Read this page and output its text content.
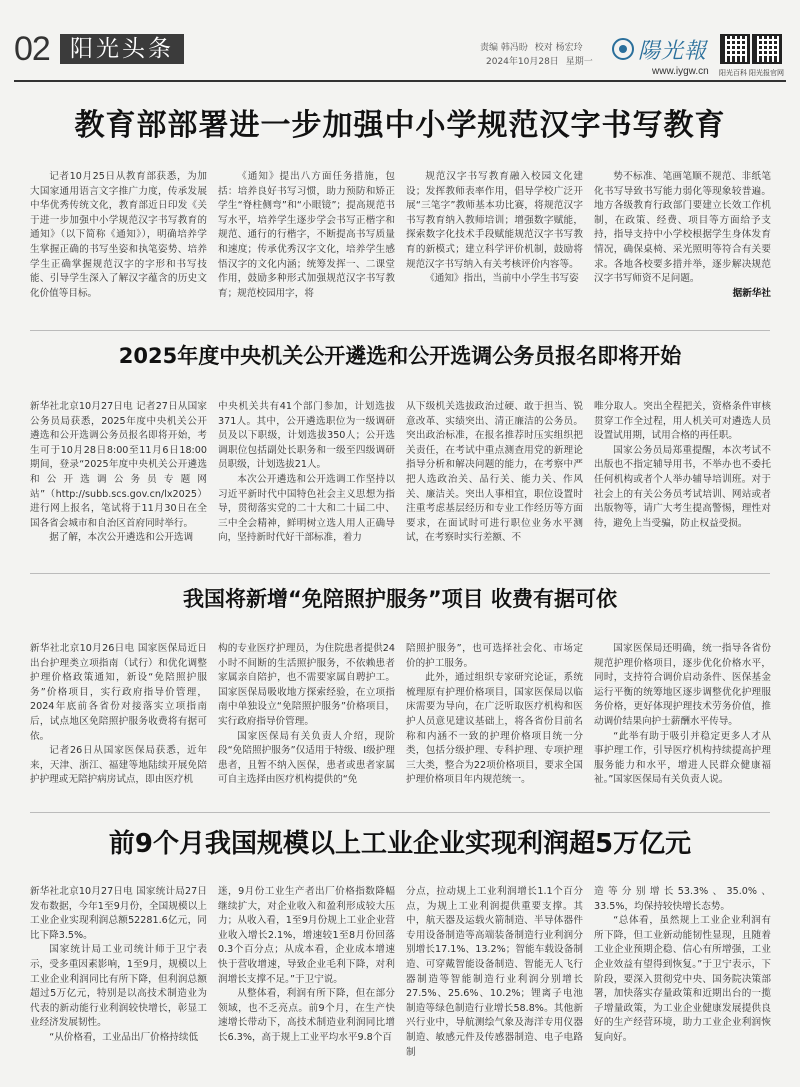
02 阳光头条	责编 韩冯盼 校对 杨宏玲
2024年10月28日 星期一 陽光報
www.iygw.cn 阳光百科 阳光报官网
教育部部署进一步加强中小学规范汉字书写教育

记者10月25日从教育部获悉，为加大国家通用语言文字推广力度，传承发展中华优秀传统文化，教育部近日印发《关于进一步加强中小学规范汉字书写教育的通知》（以下简称《通知》），明确培养学生掌握正确的书写坐姿和执笔姿势、培养学生正确掌握规范汉字的字形和书写技能、引导学生深入了解汉字蕴含的历史文化价值等目标。

《通知》提出八方面任务措施，包括：培养良好书写习惯，助力预防和矫正学生“脊柱侧弯”和“小眼镜”；提高规范书写水平，培养学生逐步学会书写正楷字和规范、通行的行楷字，不断提高书写质量和速度；传承优秀汉字文化，培养学生感悟汉字的文化内涵；统筹发挥一、二课堂作用，鼓励多种形式加强规范汉字书写教育；规范校园用字，将

规范汉字书写教育融入校园文化建设；发挥教师表率作用，倡导学校广泛开展“三笔字”教师基本功比赛，将规范汉字书写教育纳入教师培训；增强数字赋能，探索数字化技术手段赋能规范汉字书写教育的新模式；建立科学评价机制，鼓励将规范汉字书写纳入有关考核评价内容等。

《通知》指出，当前中小学生书写姿

势不标准、笔画笔顺不规范、非纸笔化书写导致书写能力弱化等现象较普遍。地方各级教育行政部门要建立长效工作机制，在政策、经费、项目等方面给予支持，指导支持中小学校根据学生身体发育情况，确保桌椅、采光照明等符合有关要求。各地各校要多措并举，逐步解决规范汉字书写师资不足问题。

据新华社
2025年度中央机关公开遴选和公开选调公务员报名即将开始

新华社北京10月27日电 记者27日从国家公务员局获悉，2025年度中央机关公开遴选和公开选调公务员报名即将开始，考生可于10月28日8:00至11月6日18:00期间，登录“2025年度中央机关公开遴选和公开选调公务员专题网站”（http://subb.scs.gov.cn/lx2025）进行网上报名，笔试将于11月30日在全国各省会城市和自治区首府同时举行。

据了解，本次公开遴选和公开选调

中央机关共有41个部门参加，计划选拔371人。其中，公开遴选职位为一级调研员及以下职级，计划选拔350人；公开选调职位包括副处长职务和一级至四级调研员职级，计划选拔21人。

本次公开遴选和公开选调工作坚持以习近平新时代中国特色社会主义思想为指导，贯彻落实党的二十大和二十届二中、三中全会精神，鲜明树立选人用人正确导向，坚持新时代好干部标准，着力

从下级机关选拔政治过硬、敢于担当、锐意改革、实绩突出、清正廉洁的公务员。突出政治标准，在报名推荐时压实组织把关责任，在考试中重点测查用党的新理论指导分析和解决问题的能力，在考察中严把人选政治关、品行关、能力关、作风关、廉洁关。突出人事相宜，职位设置时注重考虑基层经历和专业工作经历等方面要求，在面试时可进行职位业务水平测试，在考察时实行差额、不

唯分取人。突出全程把关，资格条件审核贯穿工作全过程，用人机关可对遴选人员设置试用期，试用合格的再任职。

国家公务员局郑重提醒，本次考试不出版也不指定辅导用书，不举办也不委托任何机构或者个人举办辅导培训班。对于社会上的有关公务员考试培训、网站或者出版物等，请广大考生提高警惕，理性对待，避免上当受骗，防止权益受损。

我国将新增“免陪照护服务”项目 收费有据可依

新华社北京10月26日电 国家医保局近日出台护理类立项指南（试行）和优化调整护理价格政策通知，新设“免陪照护服务”价格项目，实行政府指导价管理，2024年底前各省份对接落实立项指南后，试点地区免陪照护服务收费将有据可依。

记者26日从国家医保局获悉，近年来，天津、浙江、福建等地陆续开展免陪护护理或无陪护病房试点，即由医疗机

构的专业医疗护理员，为住院患者提供24小时不间断的生活照护服务，不依赖患者家属亲自陪护，也不需要家属自聘护工。国家医保局吸收地方探索经验，在立项指南中单独设立“免陪照护服务”价格项目，实行政府指导价管理。

国家医保局有关负责人介绍，现阶段“免陪照护服务”仅适用于特级、Ⅰ级护理患者，且暂不纳入医保，患者或患者家属可自主选择由医疗机构提供的“免

陪照护服务”，也可选择社会化、市场定价的护工服务。

此外，通过组织专家研究论证，系统梳理原有护理价格项目，国家医保局以临床需要为导向，在广泛听取医疗机构和医护人员意见建议基础上，将各省份目前名称和内涵不一致的护理价格项目统一分类，包括分级护理、专科护理、专项护理三大类，整合为22项价格项目，要求全国护理价格项目年内规范统一。

国家医保局还明确，统一指导各省份规范护理价格项目，逐步优化价格水平，同时，支持符合调价启动条件、医保基金运行平衡的统筹地区逐步调整优化护理服务价格，更好体现护理技术劳务价值，推动调价结果向护士薪酬水平传导。

“此举有助于吸引并稳定更多人才从事护理工作，引导医疗机构持续提高护理服务能力和水平，增进人民群众健康福祉。”国家医保局有关负责人说。

前9个月我国规模以上工业企业实现利润超5万亿元

新华社北京10月27日电 国家统计局27日发布数据，今年1至9月份，全国规模以上工业企业实现利润总额52281.6亿元，同比下降3.5%。

国家统计局工业司统计师于卫宁表示，受多重因素影响，1至9月，规模以上工业企业利润同比有所下降，但利润总额超过5万亿元，特别是以高技术制造业为代表的新动能行业利润较快增长，彰显工业经济发展韧性。

“从价格看，工业品出厂价格持续低

迷，9月份工业生产者出厂价格指数降幅继续扩大，对企业收入和盈利形成较大压力；从收入看，1至9月份规上工业企业营业收入增长2.1%，增速较1至8月份回落0.3个百分点；从成本看，企业成本增速快于营收增速，导致企业毛利下降，对利润增长支撑不足。”于卫宁说。

从整体看，利润有所下降，但在部分领域，也不乏亮点。前9个月，在生产快速增长带动下，高技术制造业利润同比增长6.3%，高于规上工业平均水平9.8个百

分点，拉动规上工业利润增长1.1个百分点，为规上工业利润提供重要支撑。其中，航天器及运载火箭制造、半导体器件专用设备制造等高端装备制造行业利润分别增长17.1%、13.2%；智能车载设备制造、可穿戴智能设备制造、智能无人飞行器制造等智能制造行业利润分别增长27.5%、25.6%、10.2%；锂离子电池制造等绿色制造行业增长58.8%。其他新兴行业中，导航测绘气象及海洋专用仪器制造、敏感元件及传感器制造、电子电路制

造等分别增长53.3%、35.0%、33.5%，均保持较快增长态势。

“总体看，虽然规上工业企业利润有所下降，但工业新动能韧性显现，且随着工业企业预期企稳、信心有所增强，工业企业效益有望得到恢复。”于卫宁表示，下阶段，要深入贯彻党中央、国务院决策部署，加快落实存量政策和近期出台的一揽子增量政策，为工业企业健康发展提供良好的生产经营环境，助力工业企业利润恢复向好。
